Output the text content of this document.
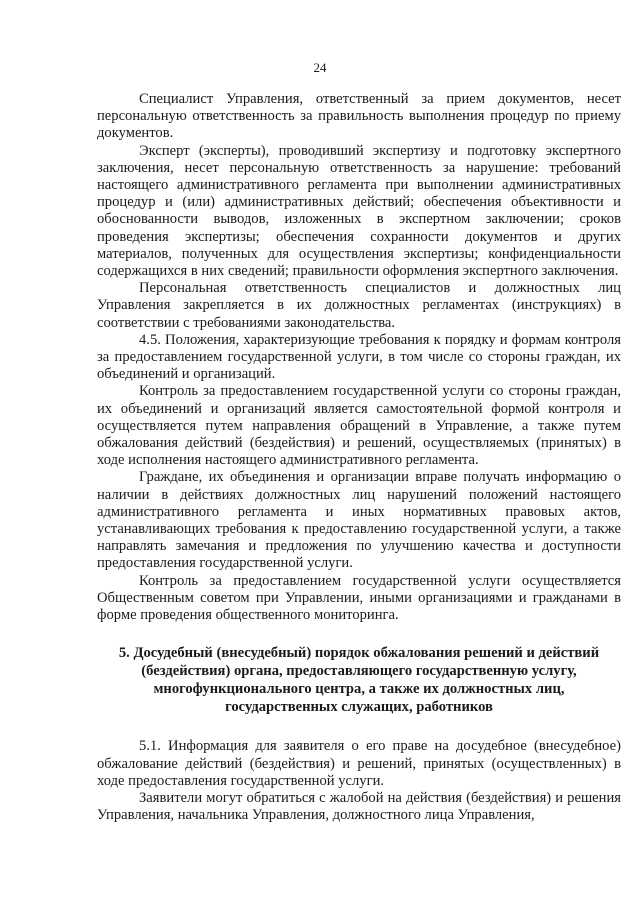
24

Специалист Управления, ответственный за прием документов, несет персональную ответственность за правильность выполнения процедур по приему документов.

Эксперт (эксперты), проводивший экспертизу и подготовку экспертного заключения, несет персональную ответственность за нарушение: требований настоящего административного регламента при выполнении административных процедур и (или) административных действий; обеспечения объективности и обоснованности выводов, изложенных в экспертном заключении; сроков проведения экспертизы; обеспечения сохранности документов и других материалов, полученных для осуществления экспертизы; конфиденциальности содержащихся в них сведений; правильности оформления экспертного заключения.

Персональная ответственность специалистов и должностных лиц Управления закрепляется в их должностных регламентах (инструкциях) в соответствии с требованиями законодательства.

4.5. Положения, характеризующие требования к порядку и формам контроля за предоставлением государственной услуги, в том числе со стороны граждан, их объединений и организаций.

Контроль за предоставлением государственной услуги со стороны граждан, их объединений и организаций является самостоятельной формой контроля и осуществляется путем направления обращений в Управление, а также путем обжалования действий (бездействия) и решений, осуществляемых (принятых) в ходе исполнения настоящего административного регламента.

Граждане, их объединения и организации вправе получать информацию о наличии в действиях должностных лиц нарушений положений настоящего административного регламента и иных нормативных правовых актов, устанавливающих требования к предоставлению государственной услуги, а также направлять замечания и предложения по улучшению качества и доступности предоставления государственной услуги.

Контроль за предоставлением государственной услуги осуществляется Общественным советом при Управлении, иными организациями и гражданами в форме проведения общественного мониторинга.

5. Досудебный (внесудебный) порядок обжалования решений и действий (бездействия) органа, предоставляющего государственную услугу, многофункционального центра, а также их должностных лиц, государственных служащих, работников

5.1. Информация для заявителя о его праве на досудебное (внесудебное) обжалование действий (бездействия) и решений, принятых (осуществленных) в ходе предоставления государственной услуги.

Заявители могут обратиться с жалобой на действия (бездействия) и решения Управления, начальника Управления, должностного лица Управления,
